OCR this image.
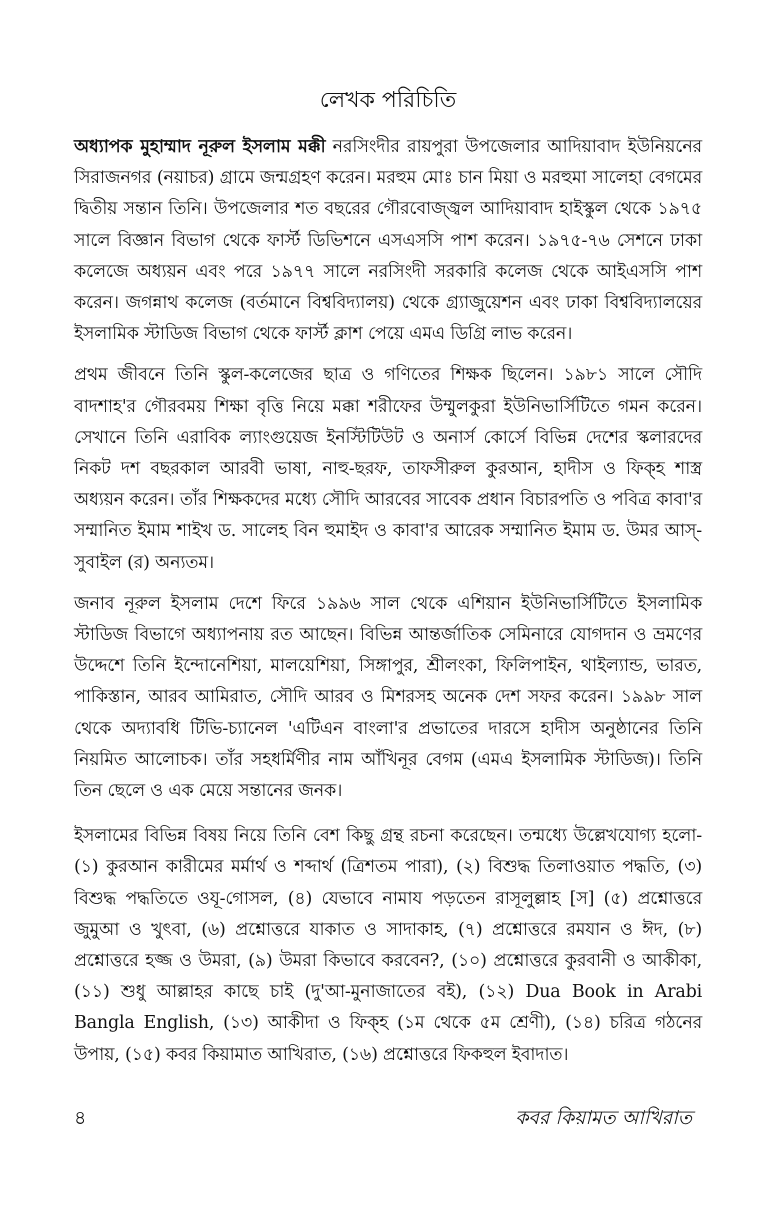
লেখক পরিচিতি

অধ্যাপক মুহাম্মাদ নূরুল ইসলাম মক্কী নরসিংদীর রায়পুরা উপজেলার আদিয়াবাদ ইউনিয়নের সিরাজনগর (নয়াচর) গ্রামে জন্মগ্রহণ করেন। মরহুম মোঃ চান মিয়া ও মরহুমা সালেহা বেগমের দ্বিতীয় সন্তান তিনি। উপজেলার শত বছরের গৌরবোজ্জ্বল আদিয়াবাদ হাইস্কুল থেকে ১৯৭৫ সালে বিজ্ঞান বিভাগ থেকে ফার্স্ট ডিভিশনে এসএসসি পাশ করেন। ১৯৭৫-৭৬ সেশনে ঢাকা কলেজে অধ্যয়ন এবং পরে ১৯৭৭ সালে নরসিংদী সরকারি কলেজ থেকে আইএসসি পাশ করেন। জগন্নাথ কলেজ (বর্তমানে বিশ্ববিদ্যালয়) থেকে গ্র্যাজুয়েশন এবং ঢাকা বিশ্ববিদ্যালয়ের ইসলামিক স্টাডিজ বিভাগ থেকে ফার্স্ট ক্লাশ পেয়ে এমএ ডিগ্রি লাভ করেন।

প্রথম জীবনে তিনি স্কুল-কলেজের ছাত্র ও গণিতের শিক্ষক ছিলেন। ১৯৮১ সালে সৌদি বাদশাহ'র গৌরবময় শিক্ষা বৃত্তি নিয়ে মক্কা শরীফের উম্মুলকুরা ইউনিভার্সিটিতে গমন করেন। সেখানে তিনি এরাবিক ল্যাংগুয়েজ ইনস্টিটিউট ও অনার্স কোর্সে বিভিন্ন দেশের স্কলারদের নিকট দশ বছরকাল আরবী ভাষা, নাহু-ছরফ, তাফসীরুল কুরআন, হাদীস ও ফিক্‌হ শাস্ত্র অধ্যয়ন করেন। তাঁর শিক্ষকদের মধ্যে সৌদি আরবের সাবেক প্রধান বিচারপতি ও পবিত্র কাবা'র সম্মানিত ইমাম শাইখ ড. সালেহ বিন হুমাইদ ও কাবা'র আরেক সম্মানিত ইমাম ড. উমর আস্‌-সুবাইল (র) অন্যতম।

জনাব নূরুল ইসলাম দেশে ফিরে ১৯৯৬ সাল থেকে এশিয়ান ইউনিভার্সিটিতে ইসলামিক স্টাডিজ বিভাগে অধ্যাপনায় রত আছেন। বিভিন্ন আন্তর্জাতিক সেমিনারে যোগদান ও ভ্রমণের উদ্দেশে তিনি ইন্দোনেশিয়া, মালয়েশিয়া, সিঙ্গাপুর, শ্রীলংকা, ফিলিপাইন, থাইল্যান্ড, ভারত, পাকিস্তান, আরব আমিরাত, সৌদি আরব ও মিশরসহ অনেক দেশ সফর করেন। ১৯৯৮ সাল থেকে অদ্যাবধি টিভি-চ্যানেল 'এটিএন বাংলা'র প্রভাতের দারসে হাদীস অনুষ্ঠানের তিনি নিয়মিত আলোচক। তাঁর সহধর্মিণীর নাম আঁখিনূর বেগম (এমএ ইসলামিক স্টাডিজ)। তিনি তিন ছেলে ও এক মেয়ে সন্তানের জনক।

ইসলামের বিভিন্ন বিষয় নিয়ে তিনি বেশ কিছু গ্রন্থ রচনা করেছেন। তন্মধ্যে উল্লেখযোগ্য হলো- (১) কুরআন কারীমের মর্মার্থ ও শব্দার্থ (ত্রিশতম পারা), (২) বিশুদ্ধ তিলাওয়াত পদ্ধতি, (৩) বিশুদ্ধ পদ্ধতিতে ওযূ-গোসল, (৪) যেভাবে নামায পড়তেন রাসূলুল্লাহ [স] (৫) প্রশ্নোত্তরে জুমুআ ও খুৎবা, (৬) প্রশ্নোত্তরে যাকাত ও সাদাকাহ, (৭) প্রশ্নোত্তরে রমযান ও ঈদ, (৮) প্রশ্নোত্তরে হজ্জ ও উমরা, (৯) উমরা কিভাবে করবেন?, (১০) প্রশ্নোত্তরে কুরবানী ও আকীকা, (১১) শুধু আল্লাহর কাছে চাই (দু'আ-মুনাজাতের বই), (১২) Dua Book in Arabi Bangla English, (১৩) আকীদা ও ফিক্‌হ (১ম থেকে ৫ম শ্রেণী), (১৪) চরিত্র গঠনের উপায়, (১৫) কবর কিয়ামাত আখিরাত, (১৬) প্রশ্নোত্তরে ফিকহুল ইবাদাত।

৪	কবর কিয়ামত আখিরাত
